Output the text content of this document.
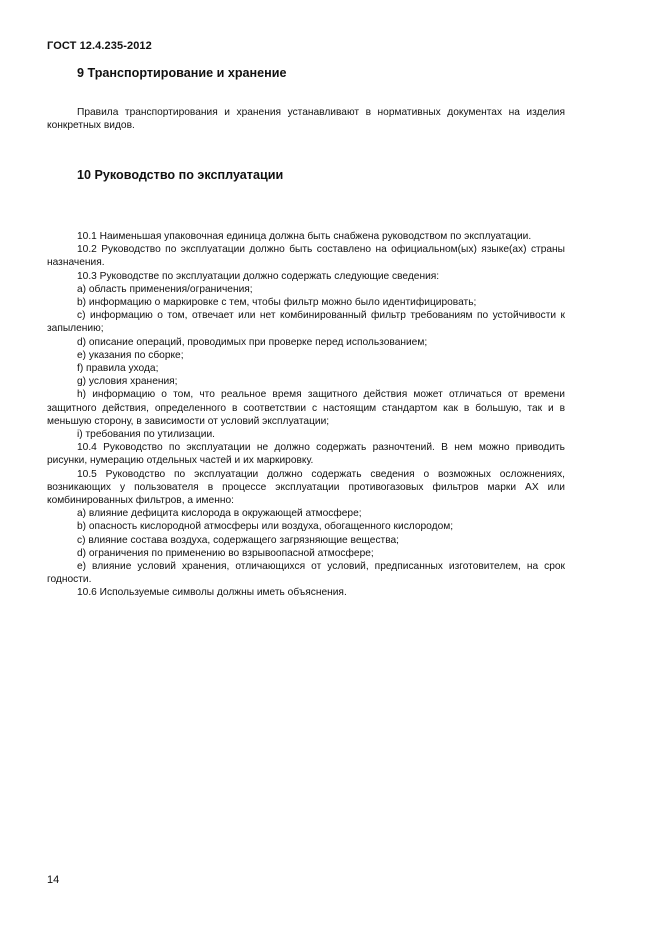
ГОСТ 12.4.235-2012
9 Транспортирование и хранение
Правила транспортирования и хранения устанавливают в нормативных документах на изделия конкретных видов.
10 Руководство по эксплуатации
10.1 Наименьшая упаковочная единица должна быть снабжена руководством по эксплуатации.
10.2 Руководство по эксплуатации должно быть составлено на официальном(ых) языке(ах) страны назначения.
10.3 Руководстве по эксплуатации должно содержать следующие сведения:
a) область применения/ограничения;
b) информацию о маркировке с тем, чтобы фильтр можно было идентифицировать;
c) информацию о том, отвечает или нет комбинированный фильтр требованиям по устойчивости к запылению;
d) описание операций, проводимых при проверке перед использованием;
e) указания по сборке;
f) правила ухода;
g) условия хранения;
h) информацию о том, что реальное время защитного действия может отличаться от времени защитного действия, определенного в соответствии с настоящим стандартом как в большую, так и в меньшую сторону, в зависимости от условий эксплуатации;
i) требования по утилизации.
10.4 Руководство по эксплуатации не должно содержать разночтений. В нем можно приводить рисунки, нумерацию отдельных частей и их маркировку.
10.5 Руководство по эксплуатации должно содержать сведения о возможных осложнениях, возникающих у пользователя в процессе эксплуатации противогазовых фильтров марки AX или комбинированных фильтров, а именно:
a) влияние дефицита кислорода в окружающей атмосфере;
b) опасность кислородной атмосферы или воздуха, обогащенного кислородом;
c) влияние состава воздуха, содержащего загрязняющие вещества;
d) ограничения по применению во взрывоопасной атмосфере;
e) влияние условий хранения, отличающихся от условий, предписанных изготовителем, на срок годности.
10.6 Используемые символы должны иметь объяснения.
14
